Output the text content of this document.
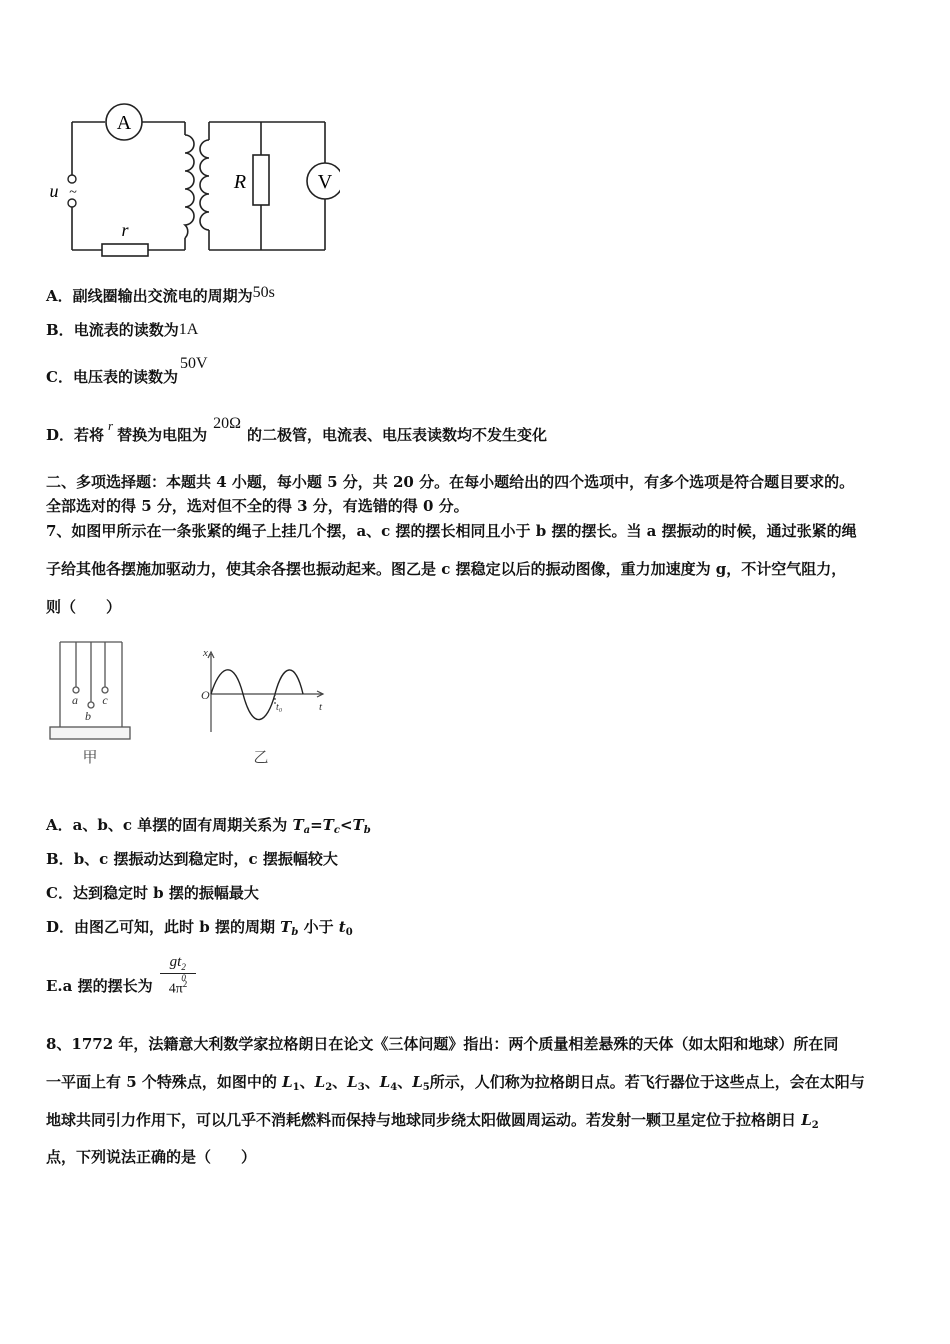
A
V
R
r
u ~
A．副线圈输出交流电的周期为50s
B．电流表的读数为1A
C．电压表的读数为50V
D．若将r替换为电阻为20Ω的二极管，电流表、电压表读数均不发生变化
二、多项选择题：本题共 4 小题，每小题 5 分，共 20 分。在每小题给出的四个选项中，有多个选项是符合题目要求的。
全部选对的得 5 分，选对但不全的得 3 分，有选错的得 0 分。
7、如图甲所示在一条张紧的绳子上挂几个摆，a、c 摆的摆长相同且小于 b 摆的摆长。当 a 摆振动的时候，通过张紧的绳
子给其他各摆施加驱动力，使其余各摆也振动起来。图乙是 c 摆稳定以后的振动图像，重力加速度为 g，不计空气阻力，
则（　　）
a
b
c
甲
x
O
t₀	t
乙
A．a、b、c 单摆的固有周期关系为 $T_a=T_c<T_b$
B．b、c 摆振动达到稳定时，c 摆振幅较大
C．达到稳定时 b 摆的振幅最大
D．由图乙可知，此时 b 摆的周期 $T_b$ 小于 $t_0$
E.a 摆的摆长为 gt 2
0
$4\pi^2$
8、1772 年，法籍意大利数学家拉格朗日在论文《三体问题》指出：两个质量相差悬殊的天体（如太阳和地球）所在同
一平面上有 5 个特殊点，如图中的 $L_1$、$L_2$、$L_3$、$L_4$、$L_5$所示，人们称为拉格朗日点。若飞行器位于这些点上，会在太阳与
地球共同引力作用下，可以几乎不消耗燃料而保持与地球同步绕太阳做圆周运动。若发射一颗卫星定位于拉格朗日 $L_2$
点，下列说法正确的是（　　）
